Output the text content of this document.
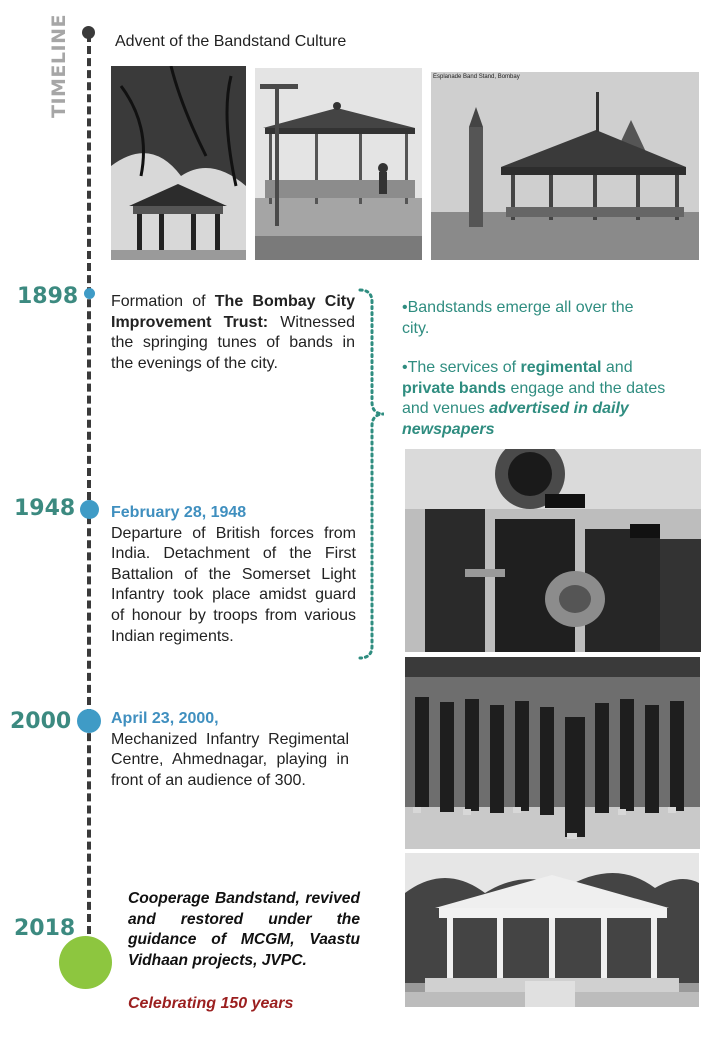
TIMELINE	Advent of the Bandstand Culture
Esplanade Band Stand, Bombay
1898 Formation of The Bombay City Improvement Trust: Witnessed the springing tunes of bands in the evenings of the city.
•Bandstands emerge all over the city.
•The services of regimental and private bands engage and the dates and venues advertised in daily newspapers
1948 February 28, 1948
Departure of British forces from India. Detachment of the First Battalion of the Somerset Light Infantry took place amidst guard of honour by troops from various Indian regiments.
2000 April 23, 2000,
Mechanized Infantry Regimental Centre, Ahmednagar, playing in front of an audience of 300.
2018
Cooperage Bandstand, revived and restored under the guidance of MCGM, Vaastu Vidhaan projects, JVPC.
Celebrating 150 years
